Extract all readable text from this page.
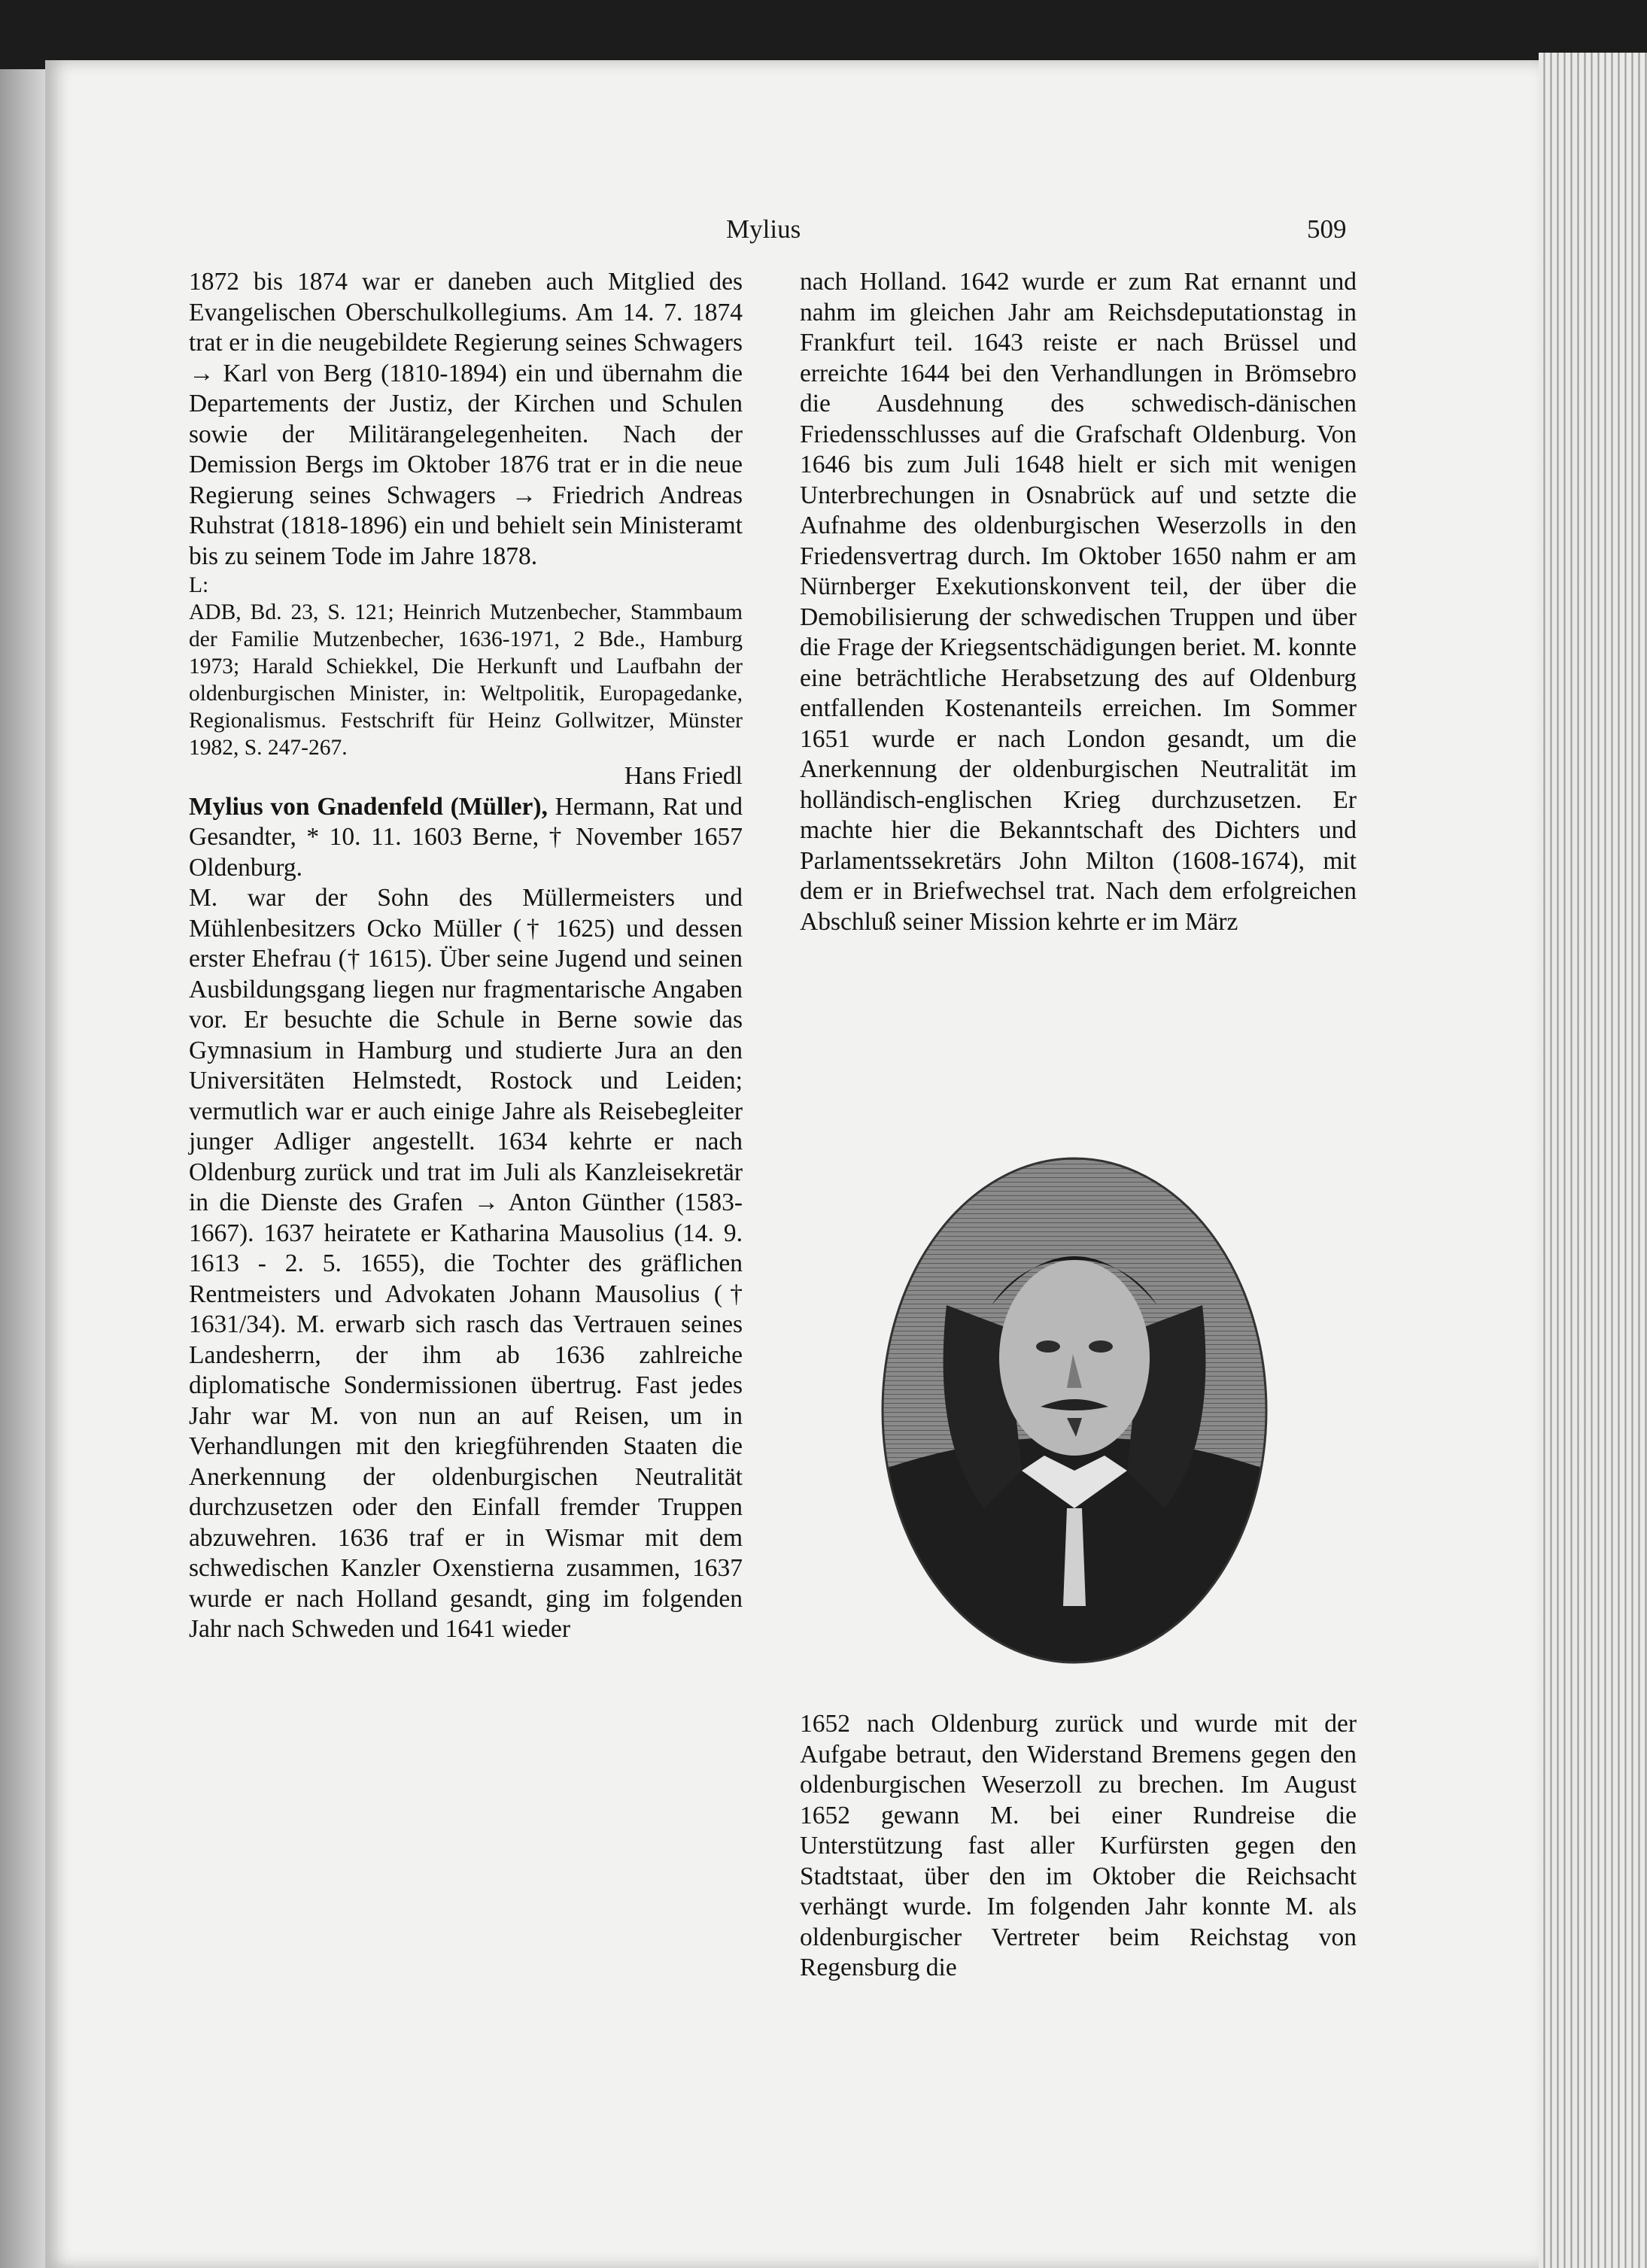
Mylius	509

1872 bis 1874 war er daneben auch Mitglied des Evangelischen Oberschulkollegiums. Am 14. 7. 1874 trat er in die neugebildete Regierung seines Schwagers → Karl von Berg (1810-1894) ein und übernahm die Departements der Justiz, der Kirchen und Schulen sowie der Militärangelegenheiten. Nach der Demission Bergs im Oktober 1876 trat er in die neue Regierung seines Schwagers → Friedrich Andreas Ruhstrat (1818-1896) ein und behielt sein Ministeramt bis zu seinem Tode im Jahre 1878.

L:

ADB, Bd. 23, S. 121; Heinrich Mutzenbecher, Stammbaum der Familie Mutzenbecher, 1636-1971, 2 Bde., Hamburg 1973; Harald Schiekkel, Die Herkunft und Laufbahn der oldenburgischen Minister, in: Weltpolitik, Europagedanke, Regionalismus. Festschrift für Heinz Gollwitzer, Münster 1982, S. 247-267.

Hans Friedl

Mylius von Gnadenfeld (Müller), Hermann, Rat und Gesandter, * 10. 11. 1603 Berne, † November 1657 Oldenburg.

M. war der Sohn des Müllermeisters und Mühlenbesitzers Ocko Müller († 1625) und dessen erster Ehefrau († 1615). Über seine Jugend und seinen Ausbildungsgang liegen nur fragmentarische Angaben vor. Er besuchte die Schule in Berne sowie das Gymnasium in Hamburg und studierte Jura an den Universitäten Helmstedt, Rostock und Leiden; vermutlich war er auch einige Jahre als Reisebegleiter junger Adliger angestellt. 1634 kehrte er nach Oldenburg zurück und trat im Juli als Kanzleisekretär in die Dienste des Grafen → Anton Günther (1583-1667). 1637 heiratete er Katharina Mausolius (14. 9. 1613 - 2. 5. 1655), die Tochter des gräflichen Rentmeisters und Advokaten Johann Mausolius († 1631/34). M. erwarb sich rasch das Vertrauen seines Landesherrn, der ihm ab 1636 zahlreiche diplomatische Sondermissionen übertrug. Fast jedes Jahr war M. von nun an auf Reisen, um in Verhandlungen mit den kriegführenden Staaten die Anerkennung der oldenburgischen Neutralität durchzusetzen oder den Einfall fremder Truppen abzuwehren. 1636 traf er in Wismar mit dem schwedischen Kanzler Oxenstierna zusammen, 1637 wurde er nach Holland gesandt, ging im folgenden Jahr nach Schweden und 1641 wieder

nach Holland. 1642 wurde er zum Rat ernannt und nahm im gleichen Jahr am Reichsdeputationstag in Frankfurt teil. 1643 reiste er nach Brüssel und erreichte 1644 bei den Verhandlungen in Brömsebro die Ausdehnung des schwedisch-dänischen Friedensschlusses auf die Grafschaft Oldenburg. Von 1646 bis zum Juli 1648 hielt er sich mit wenigen Unterbrechungen in Osnabrück auf und setzte die Aufnahme des oldenburgischen Weserzolls in den Friedensvertrag durch. Im Oktober 1650 nahm er am Nürnberger Exekutionskonvent teil, der über die Demobilisierung der schwedischen Truppen und über die Frage der Kriegsentschädigungen beriet. M. konnte eine beträchtliche Herabsetzung des auf Oldenburg entfallenden Kostenanteils erreichen. Im Sommer 1651 wurde er nach London gesandt, um die Anerkennung der oldenburgischen Neutralität im holländisch-englischen Krieg durchzusetzen. Er machte hier die Bekanntschaft des Dichters und Parlamentssekretärs John Milton (1608-1674), mit dem er in Briefwechsel trat. Nach dem erfolgreichen Abschluß seiner Mission kehrte er im März

1652 nach Oldenburg zurück und wurde mit der Aufgabe betraut, den Widerstand Bremens gegen den oldenburgischen Weserzoll zu brechen. Im August 1652 gewann M. bei einer Rundreise die Unterstützung fast aller Kurfürsten gegen den Stadtstaat, über den im Oktober die Reichsacht verhängt wurde. Im folgenden Jahr konnte M. als oldenburgischer Vertreter beim Reichstag von Regensburg die
